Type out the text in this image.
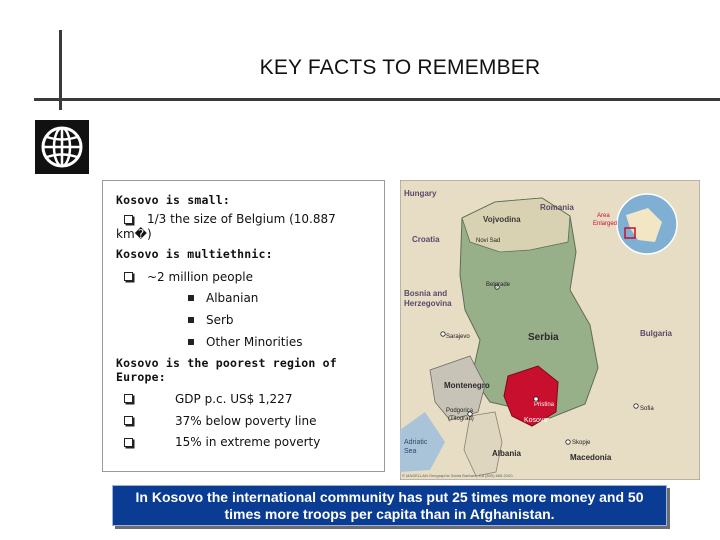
KEY FACTS TO REMEMBER
Kosovo is small:
1/3 the size of Belgium (10.887
km�)
Kosovo is multiethnic:
~2 million people
Albanian
Serb
Other Minorities
Kosovo is the poorest region of
Europe:
GDP p.c. US$ 1,227
37% below poverty line
15% in extreme poverty
Hungary
Romania
Vojvodina
Novi Sad
Croatia
Belgrade
Bosnia and
Herzegovina
Sarajevo	Serbia	Bulgaria
Montenegro
Podgorica
(Titograd)
Pristina
Kosovo
Sofia
Adriatic
Sea
Skopje
Albania	Macedonia
Area
Enlarged
© MAGELLAN Geographix Santa Barbara, CA (805) 685-3100
In Kosovo the international community has put 25 times more money and 50
times more troops per capita than in Afghanistan.
